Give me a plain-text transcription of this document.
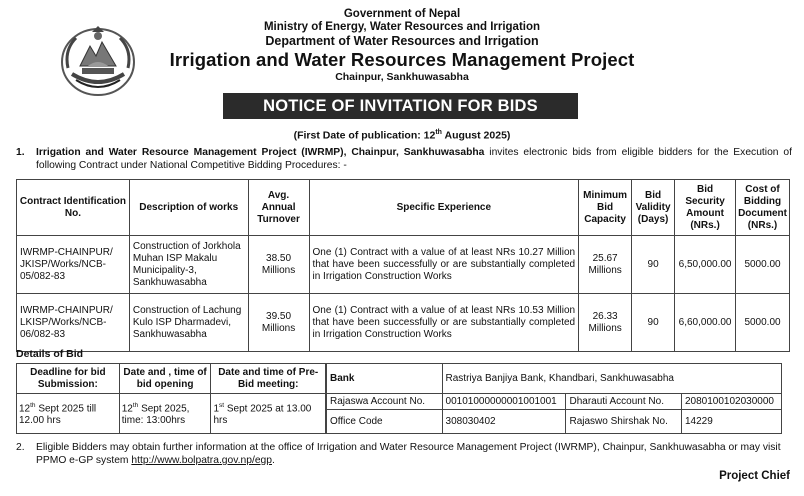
Government of Nepal
Ministry of Energy, Water Resources and Irrigation
Department of Water Resources and Irrigation
Irrigation and Water Resources Management Project
Chainpur, Sankhuwasabha
NOTICE OF INVITATION FOR BIDS
(First Date of publication: 12th August 2025)
1. Irrigation and Water Resource Management Project (IWRMP), Chainpur, Sankhuwasabha invites electronic bids from eligible bidders for the Execution of following Contract under National Competitive Bidding Procedures: -
Contract Identification No.	Description of works	Avg. Annual Turnover	Specific Experience	Minimum Bid Capacity	Bid Validity (Days)	Bid Security Amount (NRs.)	Cost of Bidding Document (NRs.)
IWRMP-CHAINPUR/ JKISP/Works/NCB-05/082-83	Construction of Jorkhola Muhan ISP Makalu Municipality-3, Sankhuwasabha	38.50 Millions	One (1) Contract with a value of at least NRs 10.27 Million that have been successfully or are substantially completed in Irrigation Construction Works	25.67 Millions	90	6,50,000.00	5000.00
IWRMP-CHAINPUR/ LKISP/Works/NCB-06/082-83	Construction of Lachung Kulo ISP Dharmadevi, Sankhuwasabha	39.50 Millions	One (1) Contract with a value of at least NRs 10.53 Million that have been successfully or are substantially completed in Irrigation Construction Works	26.33 Millions	90	6,60,000.00	5000.00
Details of Bid
Deadline for bid Submission:	Date and , time of bid opening	Date and time of Pre-Bid meeting:
12th Sept 2025 till 12.00 hrs	12th Sept 2025, time: 13:00hrs	1st Sept 2025 at 13.00 hrs
Bank	Rastriya Banjiya Bank, Khandbari, Sankhuwasabha		
Rajaswa Account No.	00101000000001001001	Dharauti Account No.	2080100102030000
Office Code	308030402	Rajaswo Shirshak No.	14229
2. Eligible Bidders may obtain further information at the office of Irrigation and Water Resource Management Project (IWRMP), Chainpur, Sankhuwasabha or may visit PPMO e-GP system http://www.bolpatra.gov.np/egp.
Project Chief
